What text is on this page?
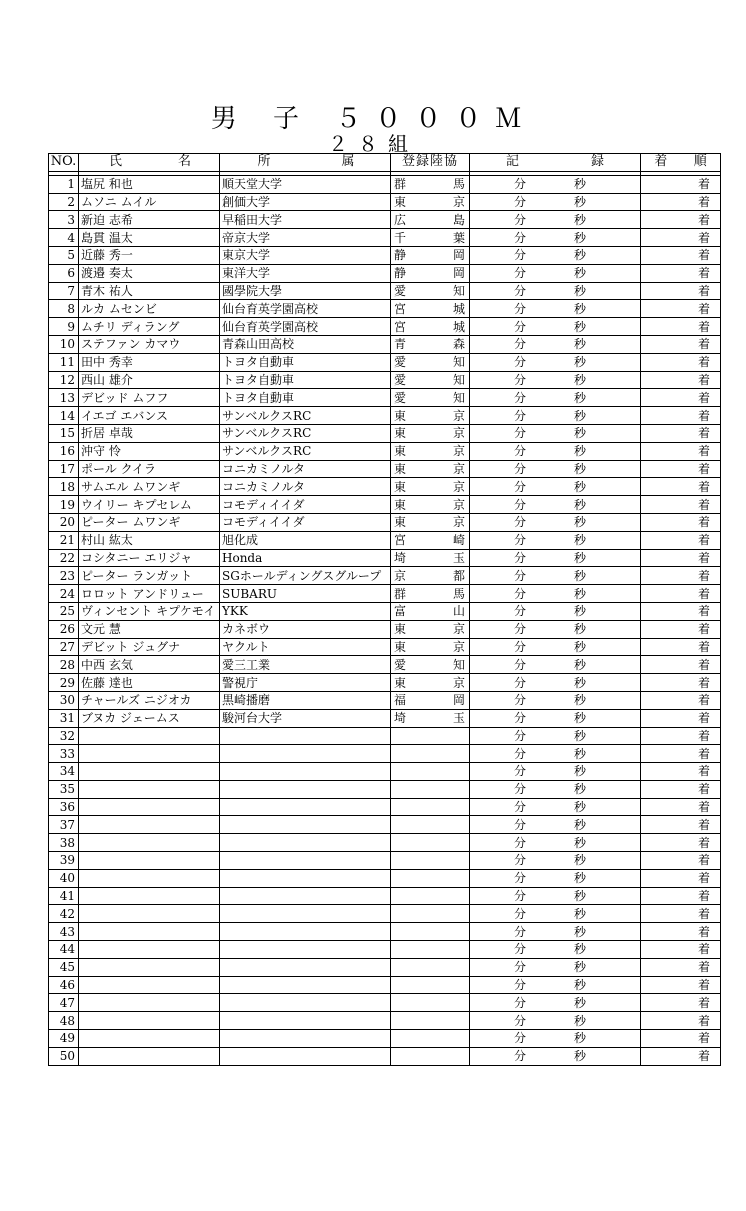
男 子 ５０００Ｍ
２８組
NO.	氏 名	所 属	登録陸協	記 録	着 順

1	塩尻 和也	順天堂大学	群 馬	分 秒	着
2	ムソニ ムイル	創価大学	東 京	分 秒	着
3	新迫 志希	早稲田大学	広 島	分 秒	着
4	島貫 温太	帝京大学	千 葉	分 秒	着
5	近藤 秀一	東京大学	静 岡	分 秒	着
6	渡邉 奏太	東洋大学	静 岡	分 秒	着
7	青木 祐人	國學院大學	愛 知	分 秒	着
8	ルカ ムセンビ	仙台育英学園高校	宮 城	分 秒	着
9	ムチリ ディラング	仙台育英学園高校	宮 城	分 秒	着
10	ステファン カマウ	青森山田高校	青 森	分 秒	着
11	田中 秀幸	トヨタ自動車	愛 知	分 秒	着
12	西山 雄介	トヨタ自動車	愛 知	分 秒	着
13	デビッド ムフフ	トヨタ自動車	愛 知	分 秒	着
14	イエゴ エバンス	サンベルクスRC	東 京	分 秒	着
15	折居 卓哉	サンベルクスRC	東 京	分 秒	着
16	沖守 怜	サンベルクスRC	東 京	分 秒	着
17	ポール クイラ	コニカミノルタ	東 京	分 秒	着
18	サムエル ムワンギ	コニカミノルタ	東 京	分 秒	着
19	ウイリー キプセレム	コモディイイダ	東 京	分 秒	着
20	ピーター ムワンギ	コモディイイダ	東 京	分 秒	着
21	村山 紘太	旭化成	宮 崎	分 秒	着
22	コシタニー エリジャ	Honda	埼 玉	分 秒	着
23	ピーター ランガット	SGホールディングスグループ	京 都	分 秒	着
24	ロロット アンドリュー	SUBARU	群 馬	分 秒	着
25	ヴィンセント キプケモイ	YKK	富 山	分 秒	着
26	文元 慧	カネボウ	東 京	分 秒	着
27	デビット ジュグナ	ヤクルト	東 京	分 秒	着
28	中西 玄気	愛三工業	愛 知	分 秒	着
29	佐藤 達也	警視庁	東 京	分 秒	着
30	チャールズ ニジオカ	黒崎播磨	福 岡	分 秒	着
31	ブヌカ ジェームス	駿河台大学	埼 玉	分 秒	着
32				分 秒	着
33				分 秒	着
34				分 秒	着
35				分 秒	着
36				分 秒	着
37				分 秒	着
38				分 秒	着
39				分 秒	着
40				分 秒	着
41				分 秒	着
42				分 秒	着
43				分 秒	着
44				分 秒	着
45				分 秒	着
46				分 秒	着
47				分 秒	着
48				分 秒	着
49				分 秒	着
50				分 秒	着
